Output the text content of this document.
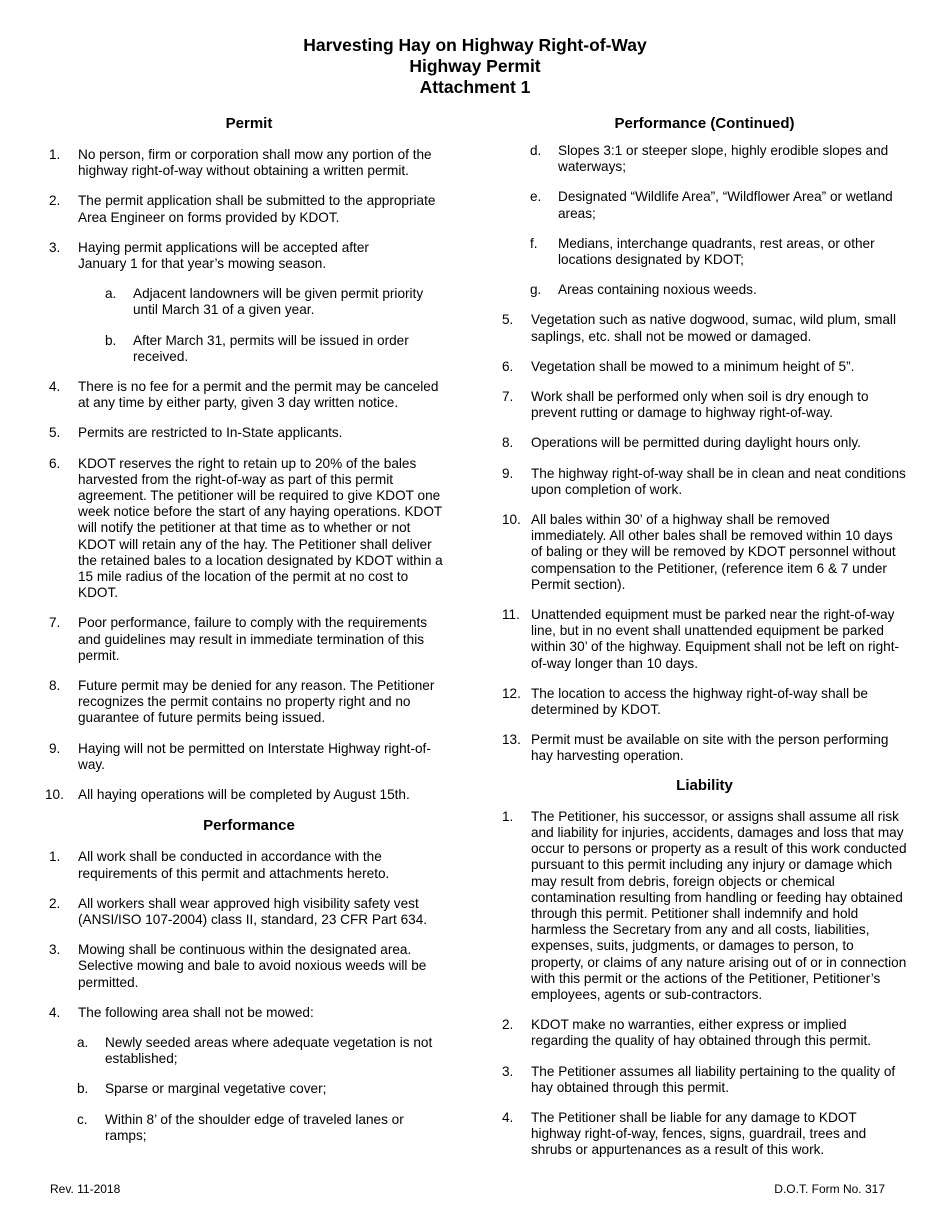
Harvesting Hay on Highway Right-of-Way
Highway Permit
Attachment 1
Permit
1.	No person, firm or corporation shall mow any portion of the highway right-of-way without obtaining a written permit.
2.	The permit application shall be submitted to the appropriate Area Engineer on forms provided by KDOT.
3.	Haying permit applications will be accepted after January 1 for that year’s mowing season.
a.	Adjacent landowners will be given permit priority until March 31 of a given year.
b.	After March 31, permits will be issued in order received.
4.	There is no fee for a permit and the permit may be canceled at any time by either party, given 3 day written notice.
5.	Permits are restricted to In-State applicants.
6.	KDOT reserves the right to retain up to 20% of the bales harvested from the right-of-way as part of this permit agreement. The petitioner will be required to give KDOT one week notice before the start of any haying operations. KDOT will notify the petitioner at that time as to whether or not KDOT will retain any of the hay. The Petitioner shall deliver the retained bales to a location designated by KDOT within a 15 mile radius of the location of the permit at no cost to KDOT.
7.	Poor performance, failure to comply with the requirements and guidelines may result in immediate termination of this permit.
8.	Future permit may be denied for any reason. The Petitioner recognizes the permit contains no property right and no guarantee of future permits being issued.
9.	Haying will not be permitted on Interstate Highway right-of-way.
10.	All haying operations will be completed by August 15th.
Performance
1.	All work shall be conducted in accordance with the requirements of this permit and attachments hereto.
2.	All workers shall wear approved high visibility safety vest (ANSI/ISO 107-2004) class II, standard, 23 CFR Part 634.
3.	Mowing shall be continuous within the designated area. Selective mowing and bale to avoid noxious weeds will be permitted.
4.	The following area shall not be mowed:
a.	Newly seeded areas where adequate vegetation is not established;
b.	Sparse or marginal vegetative cover;
c.	Within 8’ of the shoulder edge of traveled lanes or ramps;
Performance (Continued)
d.	Slopes 3:1 or steeper slope, highly erodible slopes and waterways;
e.	Designated “Wildlife Area”, “Wildflower Area” or wetland areas;
f.	Medians, interchange quadrants, rest areas, or other locations designated by KDOT;
g.	Areas containing noxious weeds.
5.	Vegetation such as native dogwood, sumac, wild plum, small saplings, etc. shall not be mowed or damaged.
6.	Vegetation shall be mowed to a minimum height of 5”.
7.	Work shall be performed only when soil is dry enough to prevent rutting or damage to highway right-of-way.
8.	Operations will be permitted during daylight hours only.
9.	The highway right-of-way shall be in clean and neat conditions upon completion of work.
10. All bales within 30’ of a highway shall be removed immediately. All other bales shall be removed within 10 days of baling or they will be removed by KDOT personnel without compensation to the Petitioner, (reference item 6 & 7 under Permit section).
11. Unattended equipment must be parked near the right-of-way line, but in no event shall unattended equipment be parked within 30’ of the highway. Equipment shall not be left on right-of-way longer than 10 days.
12. The location to access the highway right-of-way shall be determined by KDOT.
13. Permit must be available on site with the person performing hay harvesting operation.
Liability
1.	The Petitioner, his successor, or assigns shall assume all risk and liability for injuries, accidents, damages and loss that may occur to persons or property as a result of this work conducted pursuant to this permit including any injury or damage which may result from debris, foreign objects or chemical contamination resulting from handling or feeding hay obtained through this permit. Petitioner shall indemnify and hold harmless the Secretary from any and all costs, liabilities, expenses, suits, judgments, or damages to person, to property, or claims of any nature arising out of or in connection with this permit or the actions of the Petitioner, Petitioner’s employees, agents or sub-contractors.
2.	KDOT make no warranties, either express or implied regarding the quality of hay obtained through this permit.
3.	The Petitioner assumes all liability pertaining to the quality of hay obtained through this permit.
4.	The Petitioner shall be liable for any damage to KDOT highway right-of-way, fences, signs, guardrail, trees and shrubs or appurtenances as a result of this work.
Rev. 11-2018	D.O.T. Form No. 317
